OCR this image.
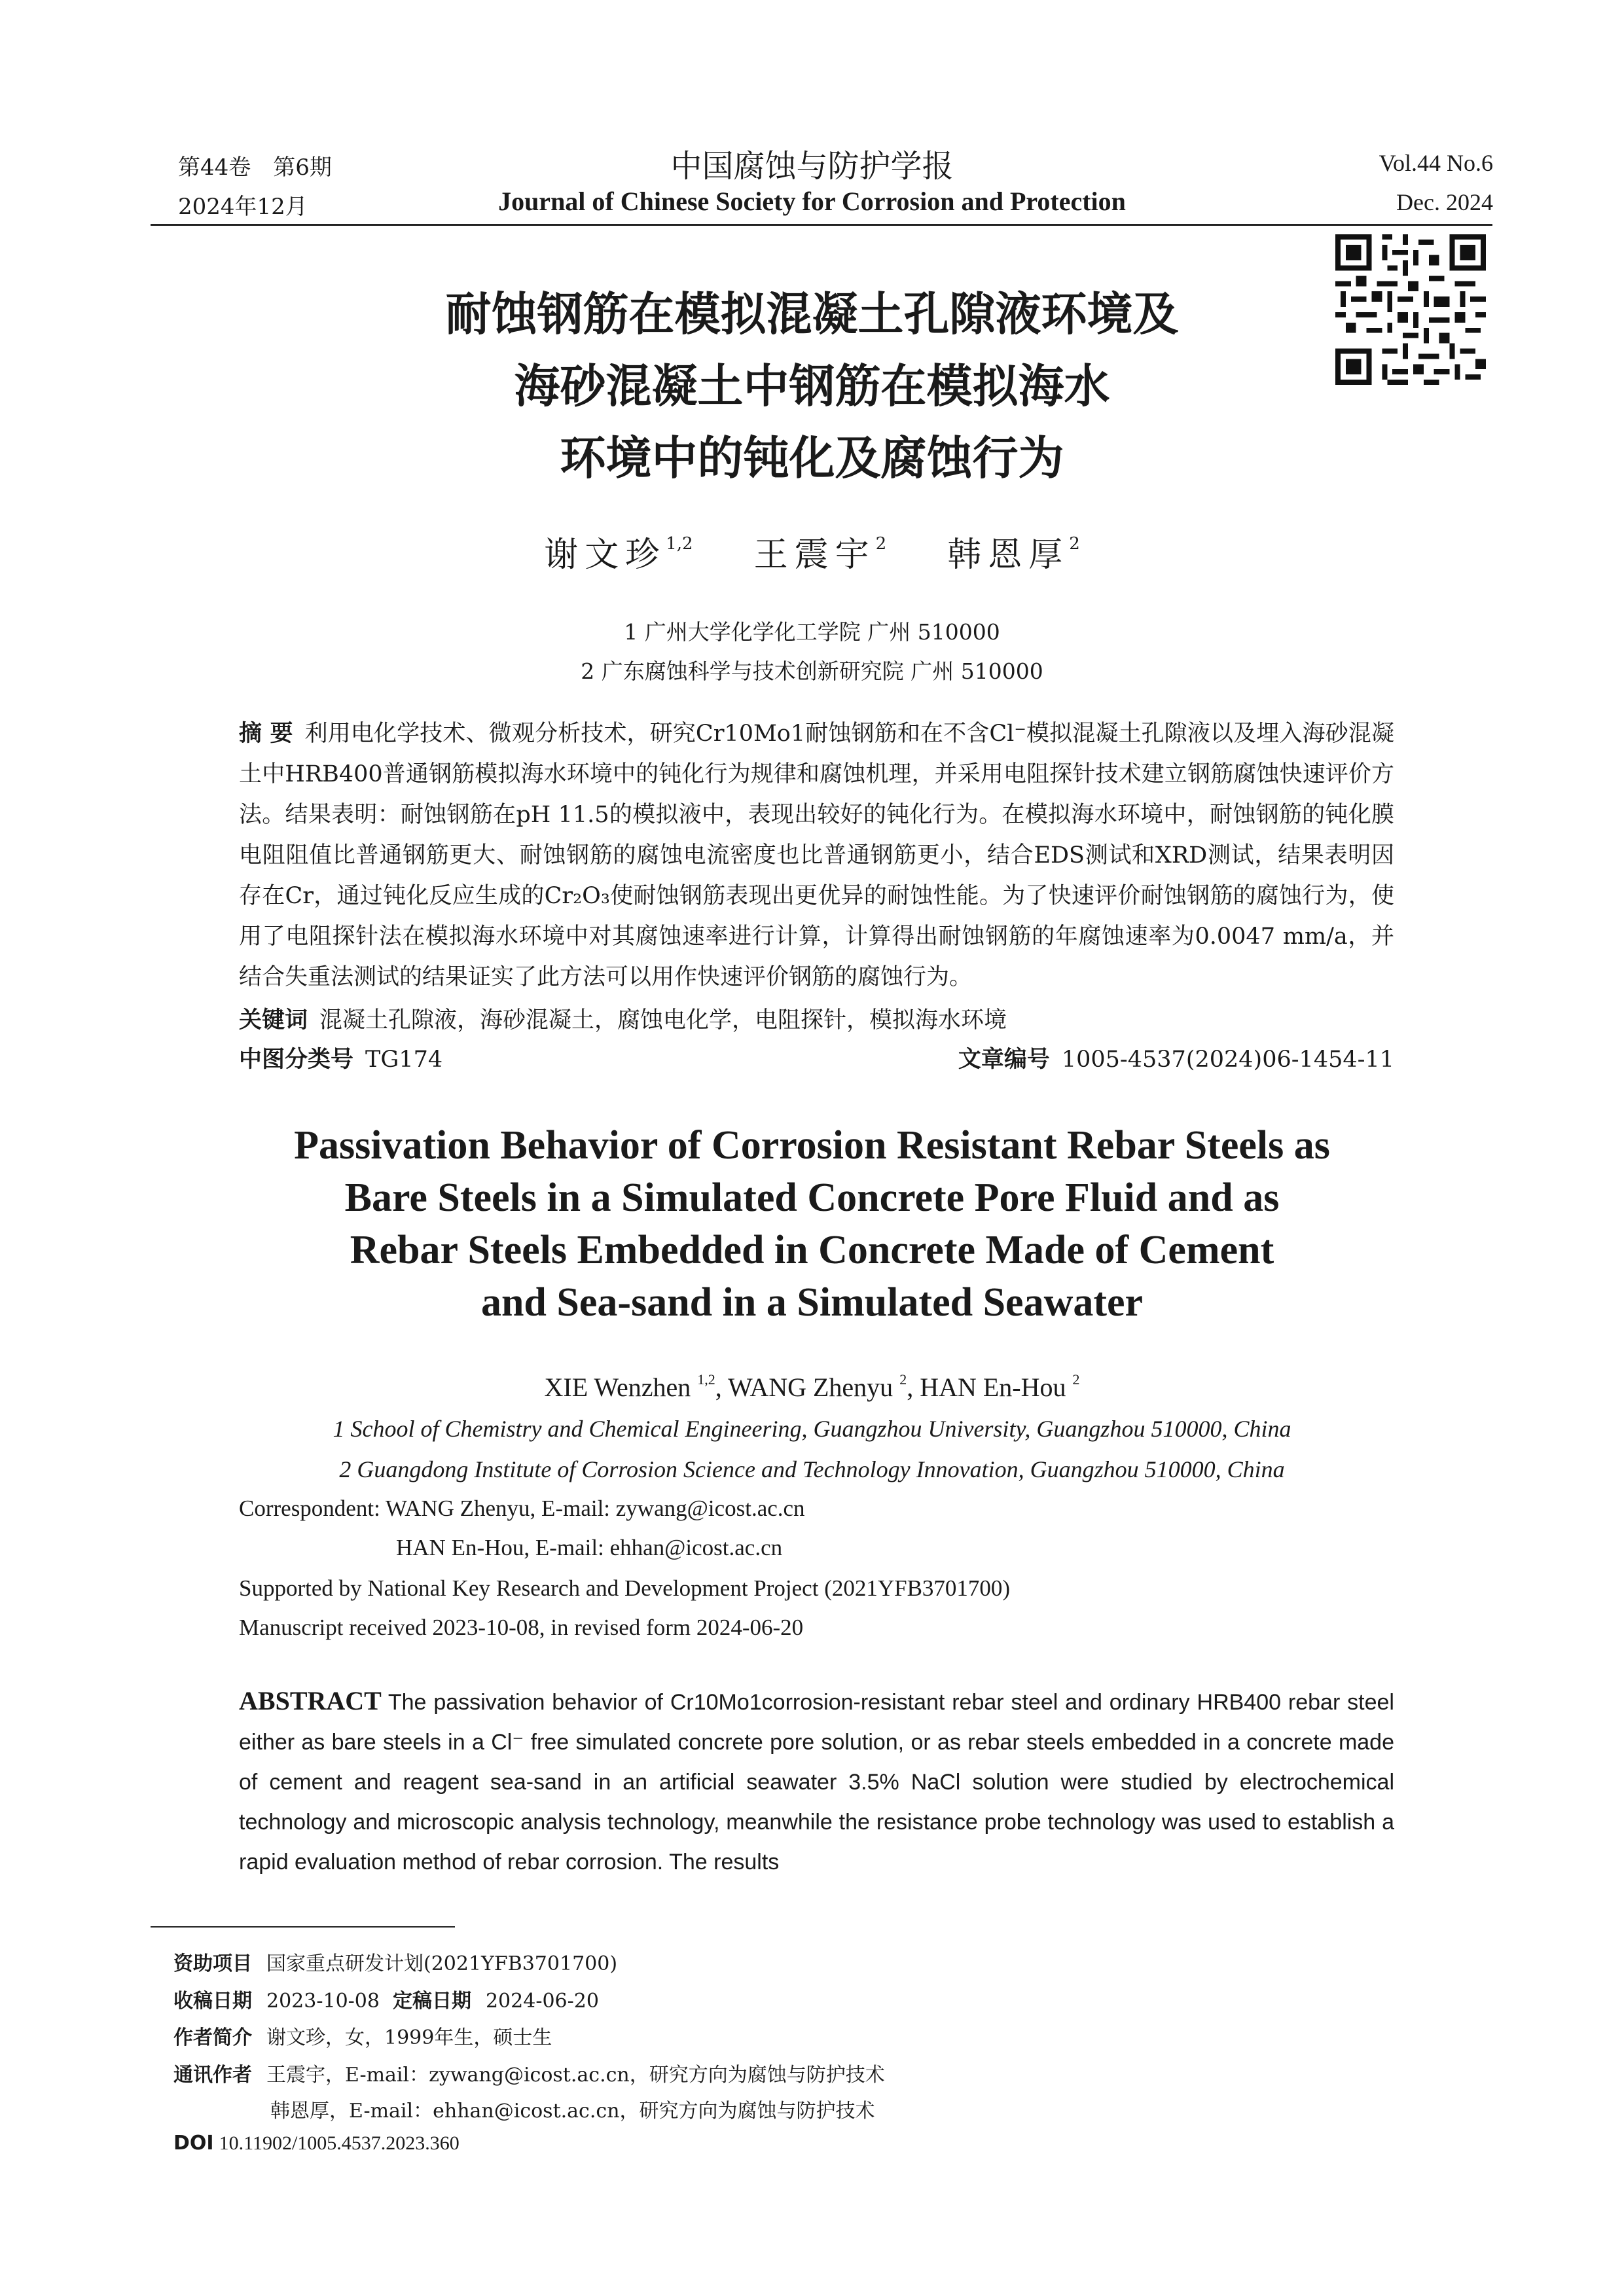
第44卷　第6期
2024年12月
中国腐蚀与防护学报
Journal of Chinese Society for Corrosion and Protection
Vol.44 No.6
Dec. 2024
耐蚀钢筋在模拟混凝土孔隙液环境及
海砂混凝土中钢筋在模拟海水
环境中的钝化及腐蚀行为
谢文珍$^{1,2}$ 王震宇$^2$ 韩恩厚$^2$
1 广州大学化学化工学院 广州 510000
2 广东腐蚀科学与技术创新研究院 广州 510000
摘 要 利用电化学技术、微观分析技术，研究Cr10Mo1耐蚀钢筋和在不含Cl⁻模拟混凝土孔隙液以及埋入海砂混凝土中HRB400普通钢筋模拟海水环境中的钝化行为规律和腐蚀机理，并采用电阻探针技术建立钢筋腐蚀快速评价方法。结果表明：耐蚀钢筋在pH 11.5的模拟液中，表现出较好的钝化行为。在模拟海水环境中，耐蚀钢筋的钝化膜电阻阻值比普通钢筋更大、耐蚀钢筋的腐蚀电流密度也比普通钢筋更小，结合EDS测试和XRD测试，结果表明因存在Cr，通过钝化反应生成的Cr₂O₃使耐蚀钢筋表现出更优异的耐蚀性能。为了快速评价耐蚀钢筋的腐蚀行为，使用了电阻探针法在模拟海水环境中对其腐蚀速率进行计算，计算得出耐蚀钢筋的年腐蚀速率为0.0047 mm/a，并结合失重法测试的结果证实了此方法可以用作快速评价钢筋的腐蚀行为。
关键词 混凝土孔隙液，海砂混凝土，腐蚀电化学，电阻探针，模拟海水环境
中图分类号 TG174	文章编号 1005-4537(2024)06-1454-11
Passivation Behavior of Corrosion Resistant Rebar Steels as
Bare Steels in a Simulated Concrete Pore Fluid and as
Rebar Steels Embedded in Concrete Made of Cement
and Sea-sand in a Simulated Seawater
XIE Wenzhen $^{1,2}$, WANG Zhenyu $^2$, HAN En-Hou $^2$
1 School of Chemistry and Chemical Engineering, Guangzhou University, Guangzhou 510000, China
2 Guangdong Institute of Corrosion Science and Technology Innovation, Guangzhou 510000, China
Correspondent: WANG Zhenyu, E-mail: zywang@icost.ac.cn
HAN En-Hou, E-mail: ehhan@icost.ac.cn
Supported by National Key Research and Development Project (2021YFB3701700)
Manuscript received 2023-10-08, in revised form 2024-06-20
ABSTRACT The passivation behavior of Cr10Mo1corrosion-resistant rebar steel and ordinary HRB400 rebar steel either as bare steels in a Cl⁻ free simulated concrete pore solution, or as rebar steels embedded in a concrete made of cement and reagent sea-sand in an artificial seawater 3.5% NaCl solution were studied by electrochemical technology and microscopic analysis technology, meanwhile the resistance probe technology was used to establish a rapid evaluation method of rebar corrosion. The results
资助项目 国家重点研发计划(2021YFB3701700)
收稿日期 2023-10-08 定稿日期 2024-06-20
作者简介 谢文珍，女，1999年生，硕士生
通讯作者 王震宇，E-mail：zywang@icost.ac.cn，研究方向为腐蚀与防护技术
韩恩厚，E-mail：ehhan@icost.ac.cn，研究方向为腐蚀与防护技术
DOI 10.11902/1005.4537.2023.360
